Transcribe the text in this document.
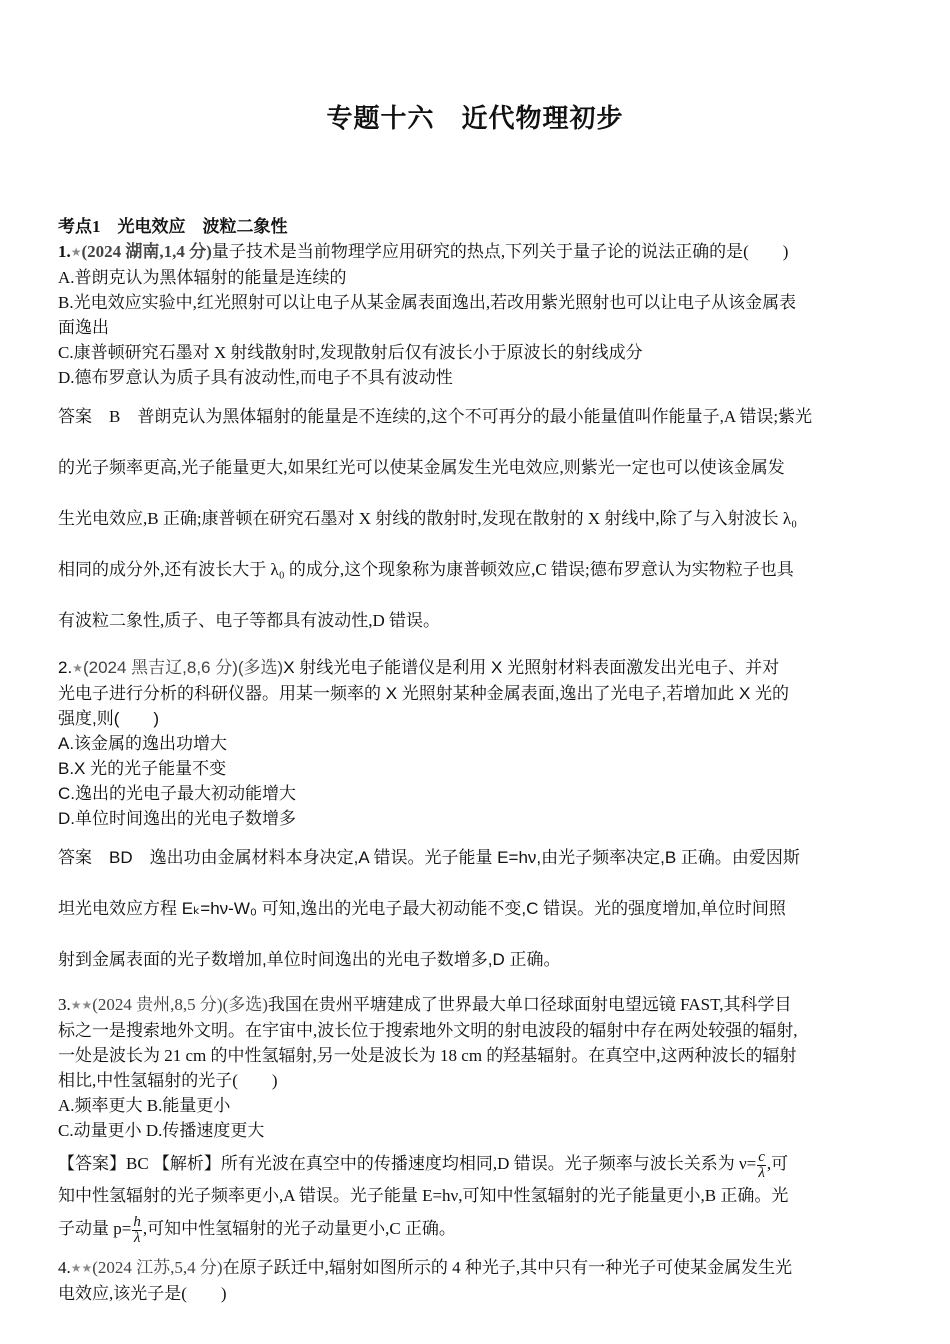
专题十六　近代物理初步
考点1　光电效应　波粒二象性
1.★(2024 湖南,1,4 分)量子技术是当前物理学应用研究的热点,下列关于量子论的说法正确的是(　　)
A.普朗克认为黑体辐射的能量是连续的
B.光电效应实验中,红光照射可以让电子从某金属表面逸出,若改用紫光照射也可以让电子从该金属表
面逸出
C.康普顿研究石墨对 X 射线散射时,发现散射后仅有波长小于原波长的射线成分
D.德布罗意认为质子具有波动性,而电子不具有波动性
答案　B　普朗克认为黑体辐射的能量是不连续的,这个不可再分的最小能量值叫作能量子,A 错误;紫光
的光子频率更高,光子能量更大,如果红光可以使某金属发生光电效应,则紫光一定也可以使该金属发
生光电效应,B 正确;康普顿在研究石墨对 X 射线的散射时,发现在散射的 X 射线中,除了与入射波长 λ₀
相同的成分外,还有波长大于 λ₀ 的成分,这个现象称为康普顿效应,C 错误;德布罗意认为实物粒子也具
有波粒二象性,质子、电子等都具有波动性,D 错误。
2.★(2024 黑吉辽,8,6 分)(多选)X 射线光电子能谱仪是利用 X 光照射材料表面激发出光电子、并对
光电子进行分析的科研仪器。用某一频率的 X 光照射某种金属表面,逸出了光电子,若增加此 X 光的
强度,则(　　)
A.该金属的逸出功增大
B.X 光的光子能量不变
C.逸出的光电子最大初动能增大
D.单位时间逸出的光电子数增多
答案　BD　逸出功由金属材料本身决定,A 错误。光子能量 E=hν,由光子频率决定,B 正确。由爱因斯
坦光电效应方程 Eₖ=hν-W₀ 可知,逸出的光电子最大初动能不变,C 错误。光的强度增加,单位时间照
射到金属表面的光子数增加,单位时间逸出的光电子数增多,D 正确。
3.★★(2024 贵州,8,5 分)(多选)我国在贵州平塘建成了世界最大单口径球面射电望远镜 FAST,其科学目
标之一是搜索地外文明。在宇宙中,波长位于搜索地外文明的射电波段的辐射中存在两处较强的辐射,
一处是波长为 21 cm 的中性氢辐射,另一处是波长为 18 cm 的羟基辐射。在真空中,这两种波长的辐射
相比,中性氢辐射的光子(　　)
A.频率更大 B.能量更小
C.动量更小 D.传播速度更大
【答案】BC 【解析】所有光波在真空中的传播速度均相同,D 错误。光子频率与波长关系为 $\nu= \frac{c}{\lambda}$ ,可
知中性氢辐射的光子频率更小,A 错误。光子能量 E=hν,可知中性氢辐射的光子能量更小,B 正确。光
子动量 $p= \frac{h}{\lambda}$ ,可知中性氢辐射的光子动量更小,C 正确。
4.★★(2024 江苏,5,4 分)在原子跃迁中,辐射如图所示的 4 种光子,其中只有一种光子可使某金属发生光
电效应,该光子是(　　)
